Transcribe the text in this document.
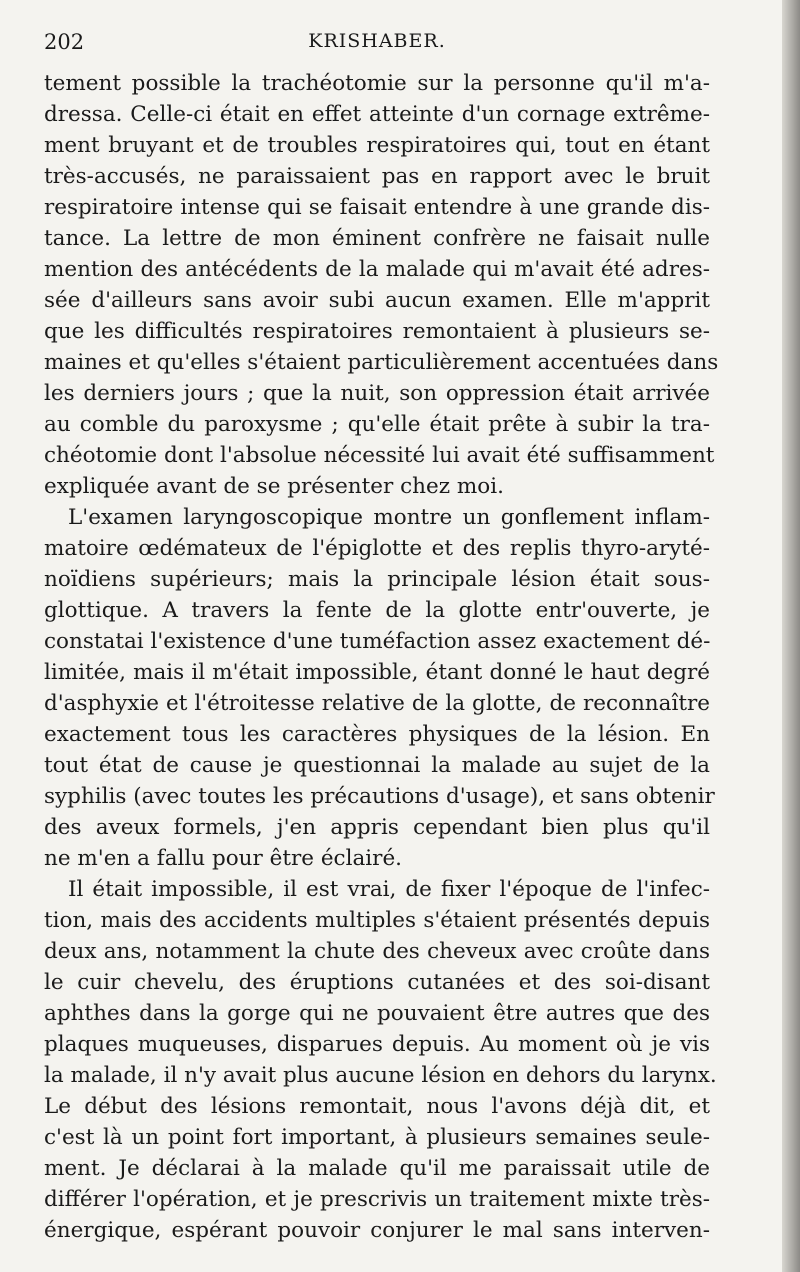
202	KRISHABER.
tement possible la trachéotomie sur la personne qu'il m'a-
dressa. Celle-ci était en effet atteinte d'un cornage extrême-
ment bruyant et de troubles respiratoires qui, tout en étant
très-accusés, ne paraissaient pas en rapport avec le bruit
respiratoire intense qui se faisait entendre à une grande dis-
tance. La lettre de mon éminent confrère ne faisait nulle
mention des antécédents de la malade qui m'avait été adres-
sée d'ailleurs sans avoir subi aucun examen. Elle m'apprit
que les difficultés respiratoires remontaient à plusieurs se-
maines et qu'elles s'étaient particulièrement accentuées dans
les derniers jours ; que la nuit, son oppression était arrivée
au comble du paroxysme ; qu'elle était prête à subir la tra-
chéotomie dont l'absolue nécessité lui avait été suffisamment
expliquée avant de se présenter chez moi.
L'examen laryngoscopique montre un gonflement inflam-
matoire œdémateux de l'épiglotte et des replis thyro-aryté-
noïdiens supérieurs; mais la principale lésion était sous-
glottique. A travers la fente de la glotte entr'ouverte, je
constatai l'existence d'une tuméfaction assez exactement dé-
limitée, mais il m'était impossible, étant donné le haut degré
d'asphyxie et l'étroitesse relative de la glotte, de reconnaître
exactement tous les caractères physiques de la lésion. En
tout état de cause je questionnai la malade au sujet de la
syphilis (avec toutes les précautions d'usage), et sans obtenir
des aveux formels, j'en appris cependant bien plus qu'il
ne m'en a fallu pour être éclairé.
Il était impossible, il est vrai, de fixer l'époque de l'infec-
tion, mais des accidents multiples s'étaient présentés depuis
deux ans, notamment la chute des cheveux avec croûte dans
le cuir chevelu, des éruptions cutanées et des soi-disant
aphthes dans la gorge qui ne pouvaient être autres que des
plaques muqueuses, disparues depuis. Au moment où je vis
la malade, il n'y avait plus aucune lésion en dehors du larynx.
Le début des lésions remontait, nous l'avons déjà dit, et
c'est là un point fort important, à plusieurs semaines seule-
ment. Je déclarai à la malade qu'il me paraissait utile de
différer l'opération, et je prescrivis un traitement mixte très-
énergique, espérant pouvoir conjurer le mal sans interven-
